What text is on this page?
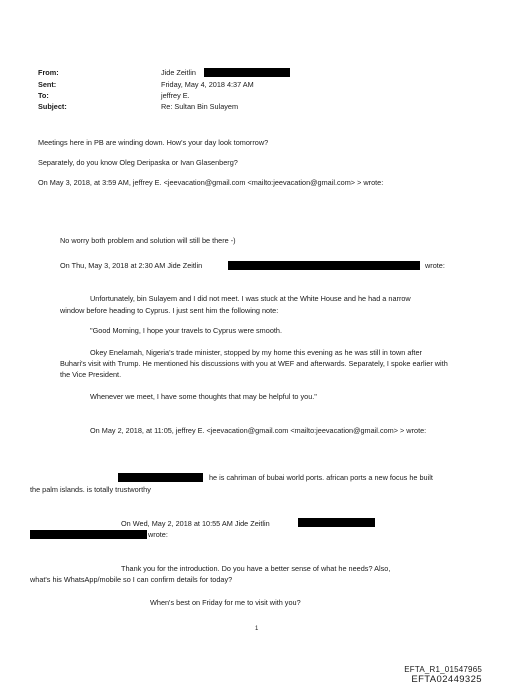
From:	Jide Zeitlin
Sent:	Friday, May 4, 2018 4:37 AM
To:	jeffrey E.
Subject:	Re: Sultan Bin Sulayem
Meetings here in PB are winding down. How's your day look tomorrow?
Separately, do you know Oleg Deripaska or Ivan Glasenberg?
On May 3, 2018, at 3:59 AM, jeffrey E. <jeevacation@gmail.com <mailto:jeevacation@gmail.com> > wrote:
No worry both problem and solution will still be there -)
On Thu, May 3, 2018 at 2:30 AM Jide Zeitlin	wrote:
Unfortunately, bin Sulayem and I did not meet. I was stuck at the White House and he had a narrow
window before heading to Cyprus. I just sent him the following note:
"Good Morning, I hope your travels to Cyprus were smooth.
Okey Enelamah, Nigeria's trade minister, stopped by my home this evening as he was still in town after
Buhari's visit with Trump. He mentioned his discussions with you at WEF and afterwards. Separately, I spoke earlier with
the Vice President.
Whenever we meet, I have some thoughts that may be helpful to you."
On May 2, 2018, at 11:05, jeffrey E. <jeevacation@gmail.com <mailto:jeevacation@gmail.com> > wrote:
he is cahriman of bubai world ports. african ports a new focus he built
the palm islands. is totally trustworthy
On Wed, May 2, 2018 at 10:55 AM Jide Zeitlin
wrote:
Thank you for the introduction. Do you have a better sense of what he needs? Also,
what's his WhatsApp/mobile so I can confirm details for today?
When's best on Friday for me to visit with you?
1
EFTA_R1_01547965
EFTA02449325
